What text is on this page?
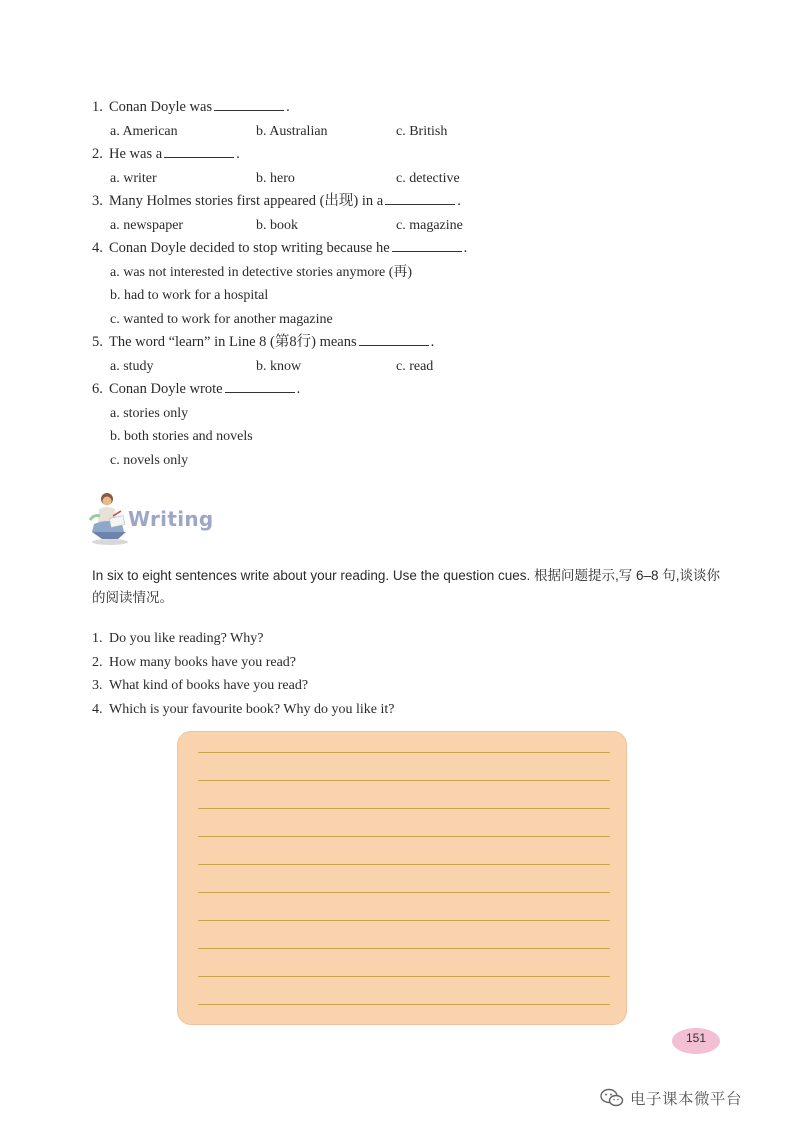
1. Conan Doyle was	.
a. American	b. Australian	c. British
2. He was a	.
a. writer	b. hero	c. detective
3. Many Holmes stories first appeared (出现) in a	.
a. newspaper	b. book	c. magazine
4. Conan Doyle decided to stop writing because he	.
a. was not interested in detective stories anymore (再)
b. had to work for a hospital
c. wanted to work for another magazine
5. The word “learn” in Line 8 (第8行) means	.
a. study	b. know	c. read
6. Conan Doyle wrote	.
a. stories only
b. both stories and novels
c. novels only
Writing
In six to eight sentences write about your reading. Use the question cues. 根据问题提示,写 6–8 句,谈谈你的阅读情况。
1. Do you like reading? Why?
2. How many books have you read?
3. What kind of books have you read?
4. Which is your favourite book? Why do you like it?
151
电子课本微平台
